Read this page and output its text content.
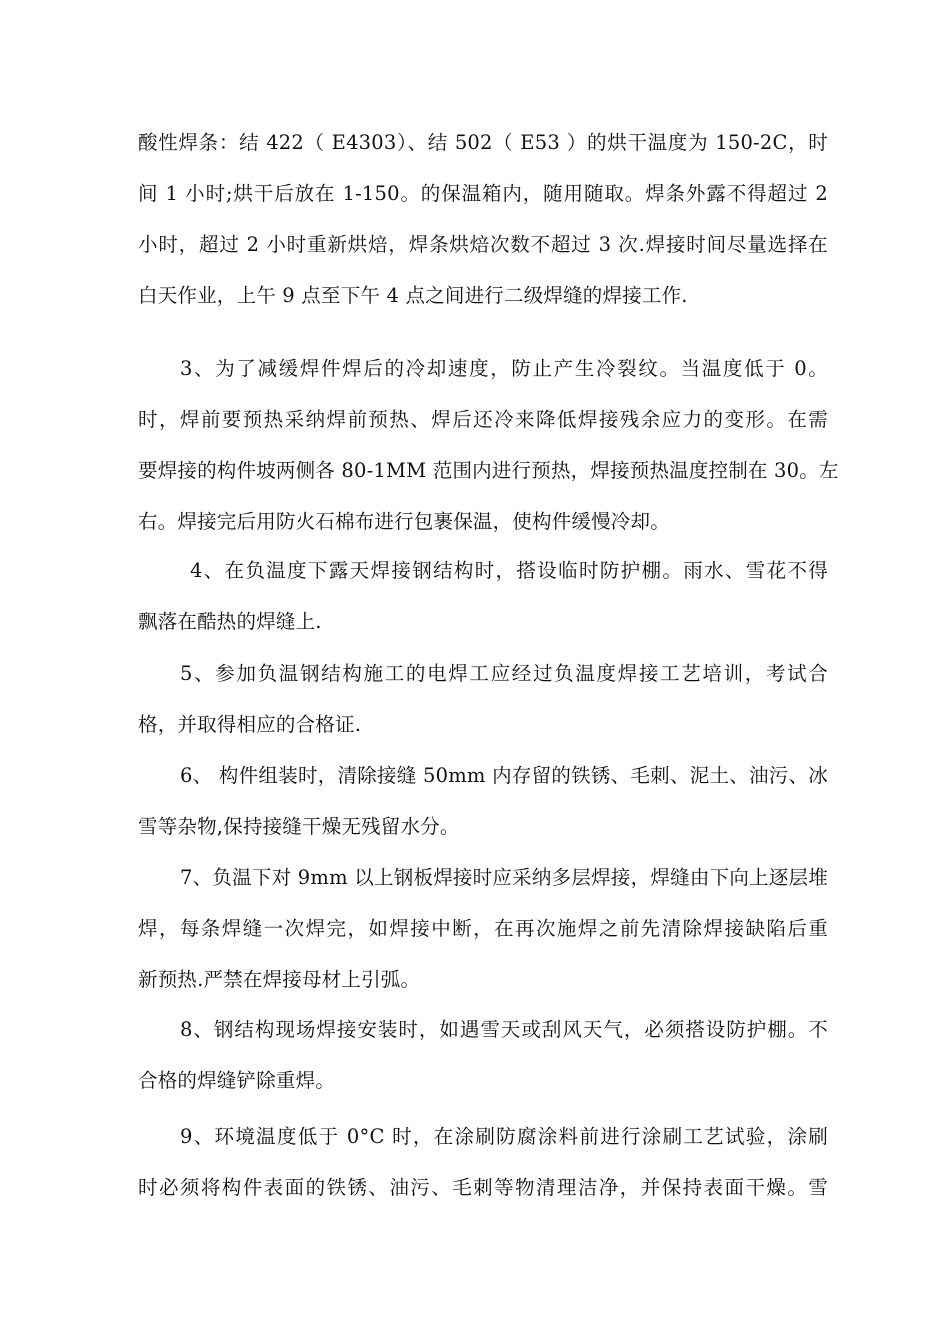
酸性焊条：结 422（ E4303）、结 502（ E53 ）的烘干温度为 150-2C，时
间 1 小时;烘干后放在 1-150。的保温箱内，随用随取。焊条外露不得超过 2
小时，超过 2 小时重新烘焙，焊条烘焙次数不超过 3 次.焊接时间尽量选择在
白天作业，上午 9 点至下午 4 点之间进行二级焊缝的焊接工作.
3、为了减缓焊件焊后的冷却速度，防止产生冷裂纹。当温度低于 0。
时，焊前要预热采纳焊前预热、焊后还冷来降低焊接残余应力的变形。在需
要焊接的构件坡两侧各 80-1MM 范围内进行预热，焊接预热温度控制在 30。左
右。焊接完后用防火石棉布进行包裹保温，使构件缓慢冷却。
4、在负温度下露天焊接钢结构时，搭设临时防护棚。雨水、雪花不得
飘落在酷热的焊缝上.
5、参加负温钢结构施工的电焊工应经过负温度焊接工艺培训，考试合
格，并取得相应的合格证.
6、 构件组装时，清除接缝 50mm 内存留的铁锈、毛刺、泥土、油污、冰
雪等杂物,保持接缝干燥无残留水分。
7、负温下对 9mm 以上钢板焊接时应采纳多层焊接，焊缝由下向上逐层堆
焊，每条焊缝一次焊完，如焊接中断，在再次施焊之前先清除焊接缺陷后重
新预热.严禁在焊接母材上引弧。
8、钢结构现场焊接安装时，如遇雪天或刮风天气，必须搭设防护棚。不
合格的焊缝铲除重焊。
9、环境温度低于 0°C 时，在涂刷防腐涂料前进行涂刷工艺试验，涂刷
时必须将构件表面的铁锈、油污、毛刺等物清理洁净，并保持表面干燥。雪
